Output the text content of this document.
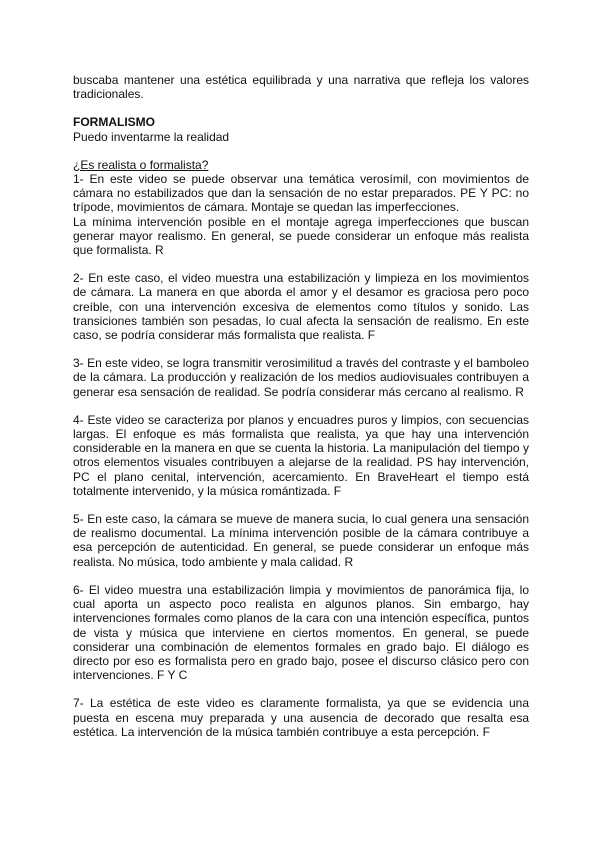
buscaba mantener una estética equilibrada y una narrativa que refleja los valores tradicionales.

FORMALISMO

Puedo inventarme la realidad

¿Es realista o formalista?

1- En este video se puede observar una temática verosímil, con movimientos de cámara no estabilizados que dan la sensación de no estar preparados. PE Y PC: no trípode, movimientos de cámara. Montaje se quedan las imperfecciones.

La mínima intervención posible en el montaje agrega imperfecciones que buscan generar mayor realismo. En general, se puede considerar un enfoque más realista que formalista. R

2- En este caso, el video muestra una estabilización y limpieza en los movimientos de cámara. La manera en que aborda el amor y el desamor es graciosa pero poco creíble, con una intervención excesiva de elementos como títulos y sonido. Las transiciones también son pesadas, lo cual afecta la sensación de realismo. En este caso, se podría considerar más formalista que realista. F

3- En este video, se logra transmitir verosimilitud a través del contraste y el bamboleo de la cámara. La producción y realización de los medios audiovisuales contribuyen a generar esa sensación de realidad. Se podría considerar más cercano al realismo. R

4- Este video se caracteriza por planos y encuadres puros y limpios, con secuencias largas. El enfoque es más formalista que realista, ya que hay una intervención considerable en la manera en que se cuenta la historia. La manipulación del tiempo y otros elementos visuales contribuyen a alejarse de la realidad. PS hay intervención, PC el plano cenital, intervención, acercamiento. En BraveHeart el tiempo está totalmente intervenido, y la música romántizada. F

5- En este caso, la cámara se mueve de manera sucia, lo cual genera una sensación de realismo documental. La mínima intervención posible de la cámara contribuye a esa percepción de autenticidad. En general, se puede considerar un enfoque más realista. No música, todo ambiente y mala calidad. R

6- El video muestra una estabilización limpia y movimientos de panorámica fija, lo cual aporta un aspecto poco realista en algunos planos. Sin embargo, hay intervenciones formales como planos de la cara con una intención específica, puntos de vista y música que interviene en ciertos momentos. En general, se puede considerar una combinación de elementos formales en grado bajo. El diálogo es directo por eso es formalista pero en grado bajo, posee el discurso clásico pero con intervenciones. F Y C

7- La estética de este video es claramente formalista, ya que se evidencia una puesta en escena muy preparada y una ausencia de decorado que resalta esa estética. La intervención de la música también contribuye a esta percepción. F
